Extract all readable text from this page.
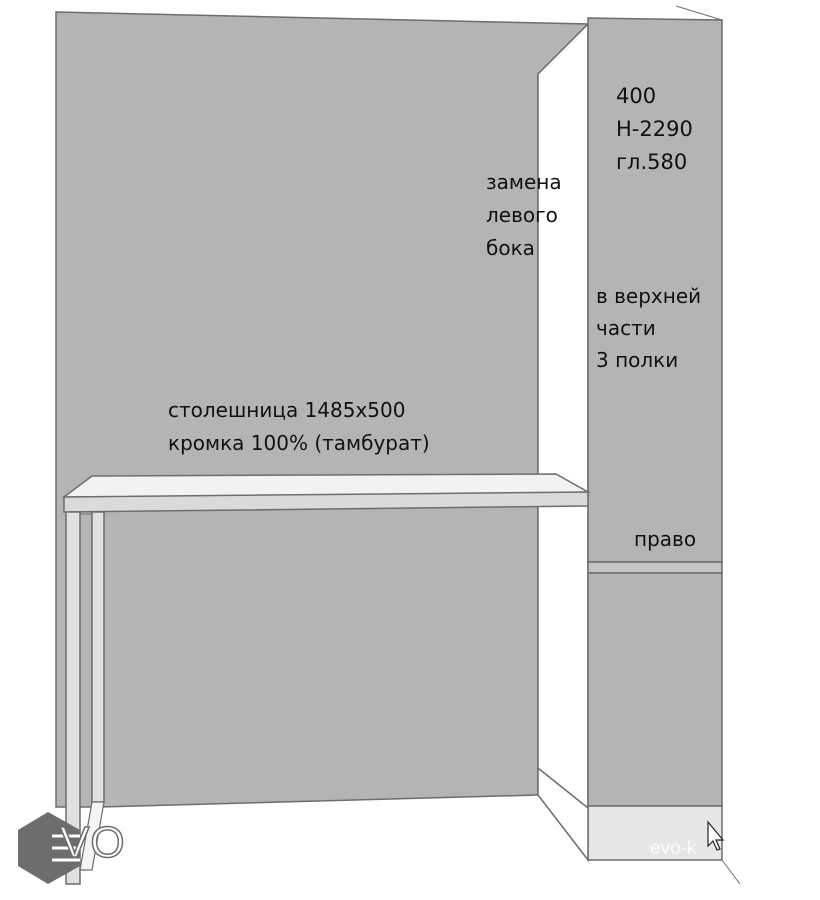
400
Н-2290
гл.580
замена
левого
бока
в верхней
части
3 полки
столешница 1485х500
кромка 100% (тамбурат)
право
VO	evo-k
